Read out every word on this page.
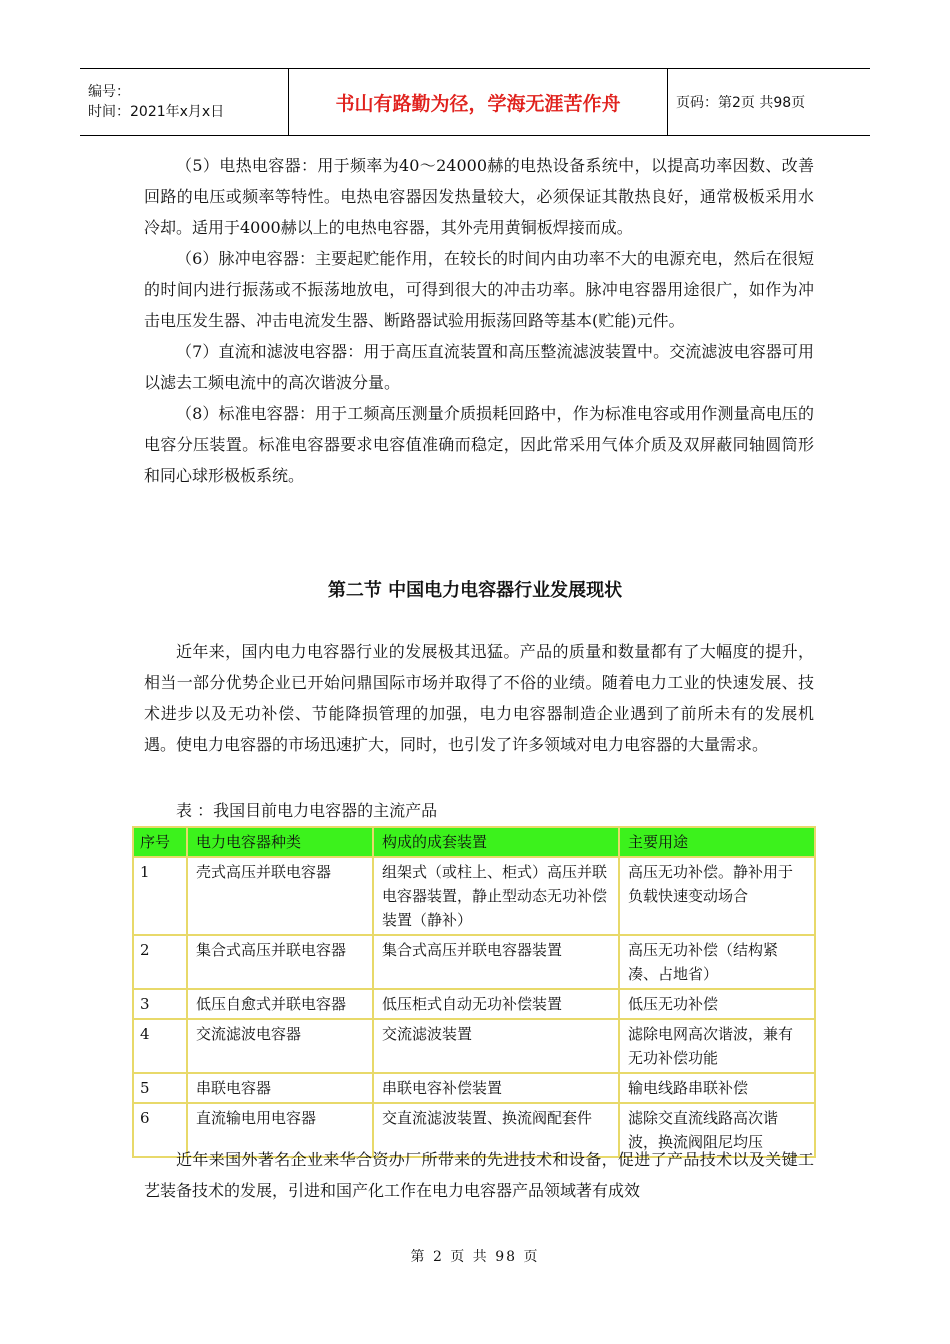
编号：
时间：2021年x月x日	书山有路勤为径，学海无涯苦作舟	页码：第2页 共98页

（5）电热电容器：用于频率为40～24000赫的电热设备系统中，以提高功率因数、改善回路的电压或频率等特性。电热电容器因发热量较大，必须保证其散热良好，通常极板采用水冷却。适用于4000赫以上的电热电容器，其外壳用黄铜板焊接而成。

（6）脉冲电容器：主要起贮能作用，在较长的时间内由功率不大的电源充电，然后在很短的时间内进行振荡或不振荡地放电，可得到很大的冲击功率。脉冲电容器用途很广，如作为冲击电压发生器、冲击电流发生器、断路器试验用振荡回路等基本(贮能)元件。

（7）直流和滤波电容器：用于高压直流装置和高压整流滤波装置中。交流滤波电容器可用以滤去工频电流中的高次谐波分量。

（8）标准电容器：用于工频高压测量介质损耗回路中，作为标准电容或用作测量高电压的电容分压装置。标准电容器要求电容值准确而稳定，因此常采用气体介质及双屏蔽同轴圆筒形和同心球形极板系统。

第二节 中国电力电容器行业发展现状

近年来，国内电力电容器行业的发展极其迅猛。产品的质量和数量都有了大幅度的提升，相当一部分优势企业已开始问鼎国际市场并取得了不俗的业绩。随着电力工业的快速发展、技术进步以及无功补偿、节能降损管理的加强，电力电容器制造企业遇到了前所未有的发展机遇。使电力电容器的市场迅速扩大，同时，也引发了许多领域对电力电容器的大量需求。

表 ：我国目前电力电容器的主流产品
序号	电力电容器种类	构成的成套装置	主要用途
1	壳式高压并联电容器	组架式（或柱上、柜式）高压并联电容器装置，静止型动态无功补偿装置（静补）	高压无功补偿。静补用于负载快速变动场合
2	集合式高压并联电容器	集合式高压并联电容器装置	高压无功补偿（结构紧凑、占地省）
3	低压自愈式并联电容器	低压柜式自动无功补偿装置	低压无功补偿
4	交流滤波电容器	交流滤波装置	滤除电网高次谐波，兼有无功补偿功能
5	串联电容器	串联电容补偿装置	输电线路串联补偿
6	直流输电用电容器	交直流滤波装置、换流阀配套件	滤除交直流线路高次谐波，换流阀阻尼均压

近年来国外著名企业来华合资办厂所带来的先进技术和设备，促进了产品技术以及关键工艺装备技术的发展，引进和国产化工作在电力电容器产品领域著有成效

第 2 页 共 98 页
